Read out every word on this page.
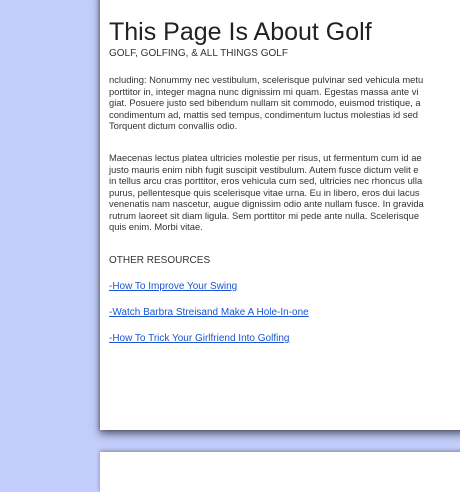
This Page Is About Golf

GOLF, GOLFING, & ALL THINGS GOLF

ncluding: Nonummy nec vestibulum, scelerisque pulvinar sed vehicula metu
porttitor in, integer magna nunc dignissim mi quam. Egestas massa ante vi
giat. Posuere justo sed bibendum nullam sit commodo, euismod tristique, a
condimentum ad, mattis sed tempus, condimentum luctus molestias id sed
Torquent dictum convallis odio.

Maecenas lectus platea ultricies molestie per risus, ut fermentum cum id ae
justo mauris enim nibh fugit suscipit vestibulum. Autem fusce dictum velit e
in tellus arcu cras porttitor, eros vehicula cum sed, ultricies nec rhoncus ulla
purus, pellentesque quis scelerisque vitae urna. Eu in libero, eros dui lacus
venenatis nam nascetur, augue dignissim odio ante nullam fusce. In gravida
rutrum laoreet sit diam ligula. Sem porttitor mi pede ante nulla. Scelerisque
quis enim. Morbi vitae.

OTHER RESOURCES

-How To Improve Your Swing
-Watch Barbra Streisand Make A Hole-In-one
-How To Trick Your Girlfriend Into Golfing
